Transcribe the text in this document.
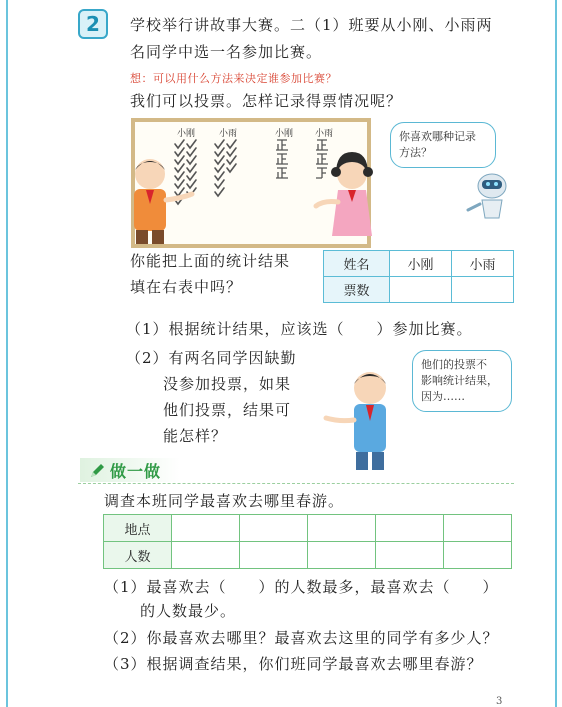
2	学校举行讲故事大赛。二（1）班要从小刚、小雨两
名同学中选一名参加比赛。
想：可以用什么方法来决定谁参加比赛？
我们可以投票。怎样记录得票情况呢？
小刚	小雨	小刚 小雨	你喜欢哪种记录
方法？
你能把上面的统计结果
填在右表中吗？
姓名	小刚	小雨
票数		
（1）根据统计结果，应该选（　　）参加比赛。
（2）有两名同学因缺勤
没参加投票，如果
他们投票，结果可
能怎样？
他们的投票不
影响统计结果，
因为……
做一做
调查本班同学最喜欢去哪里春游。
地点					
人数					
（1）最喜欢去（　　）的人数最多，最喜欢去（　　）
的人数最少。
（2）你最喜欢去哪里？最喜欢去这里的同学有多少人？
（3）根据调查结果，你们班同学最喜欢去哪里春游？
3
